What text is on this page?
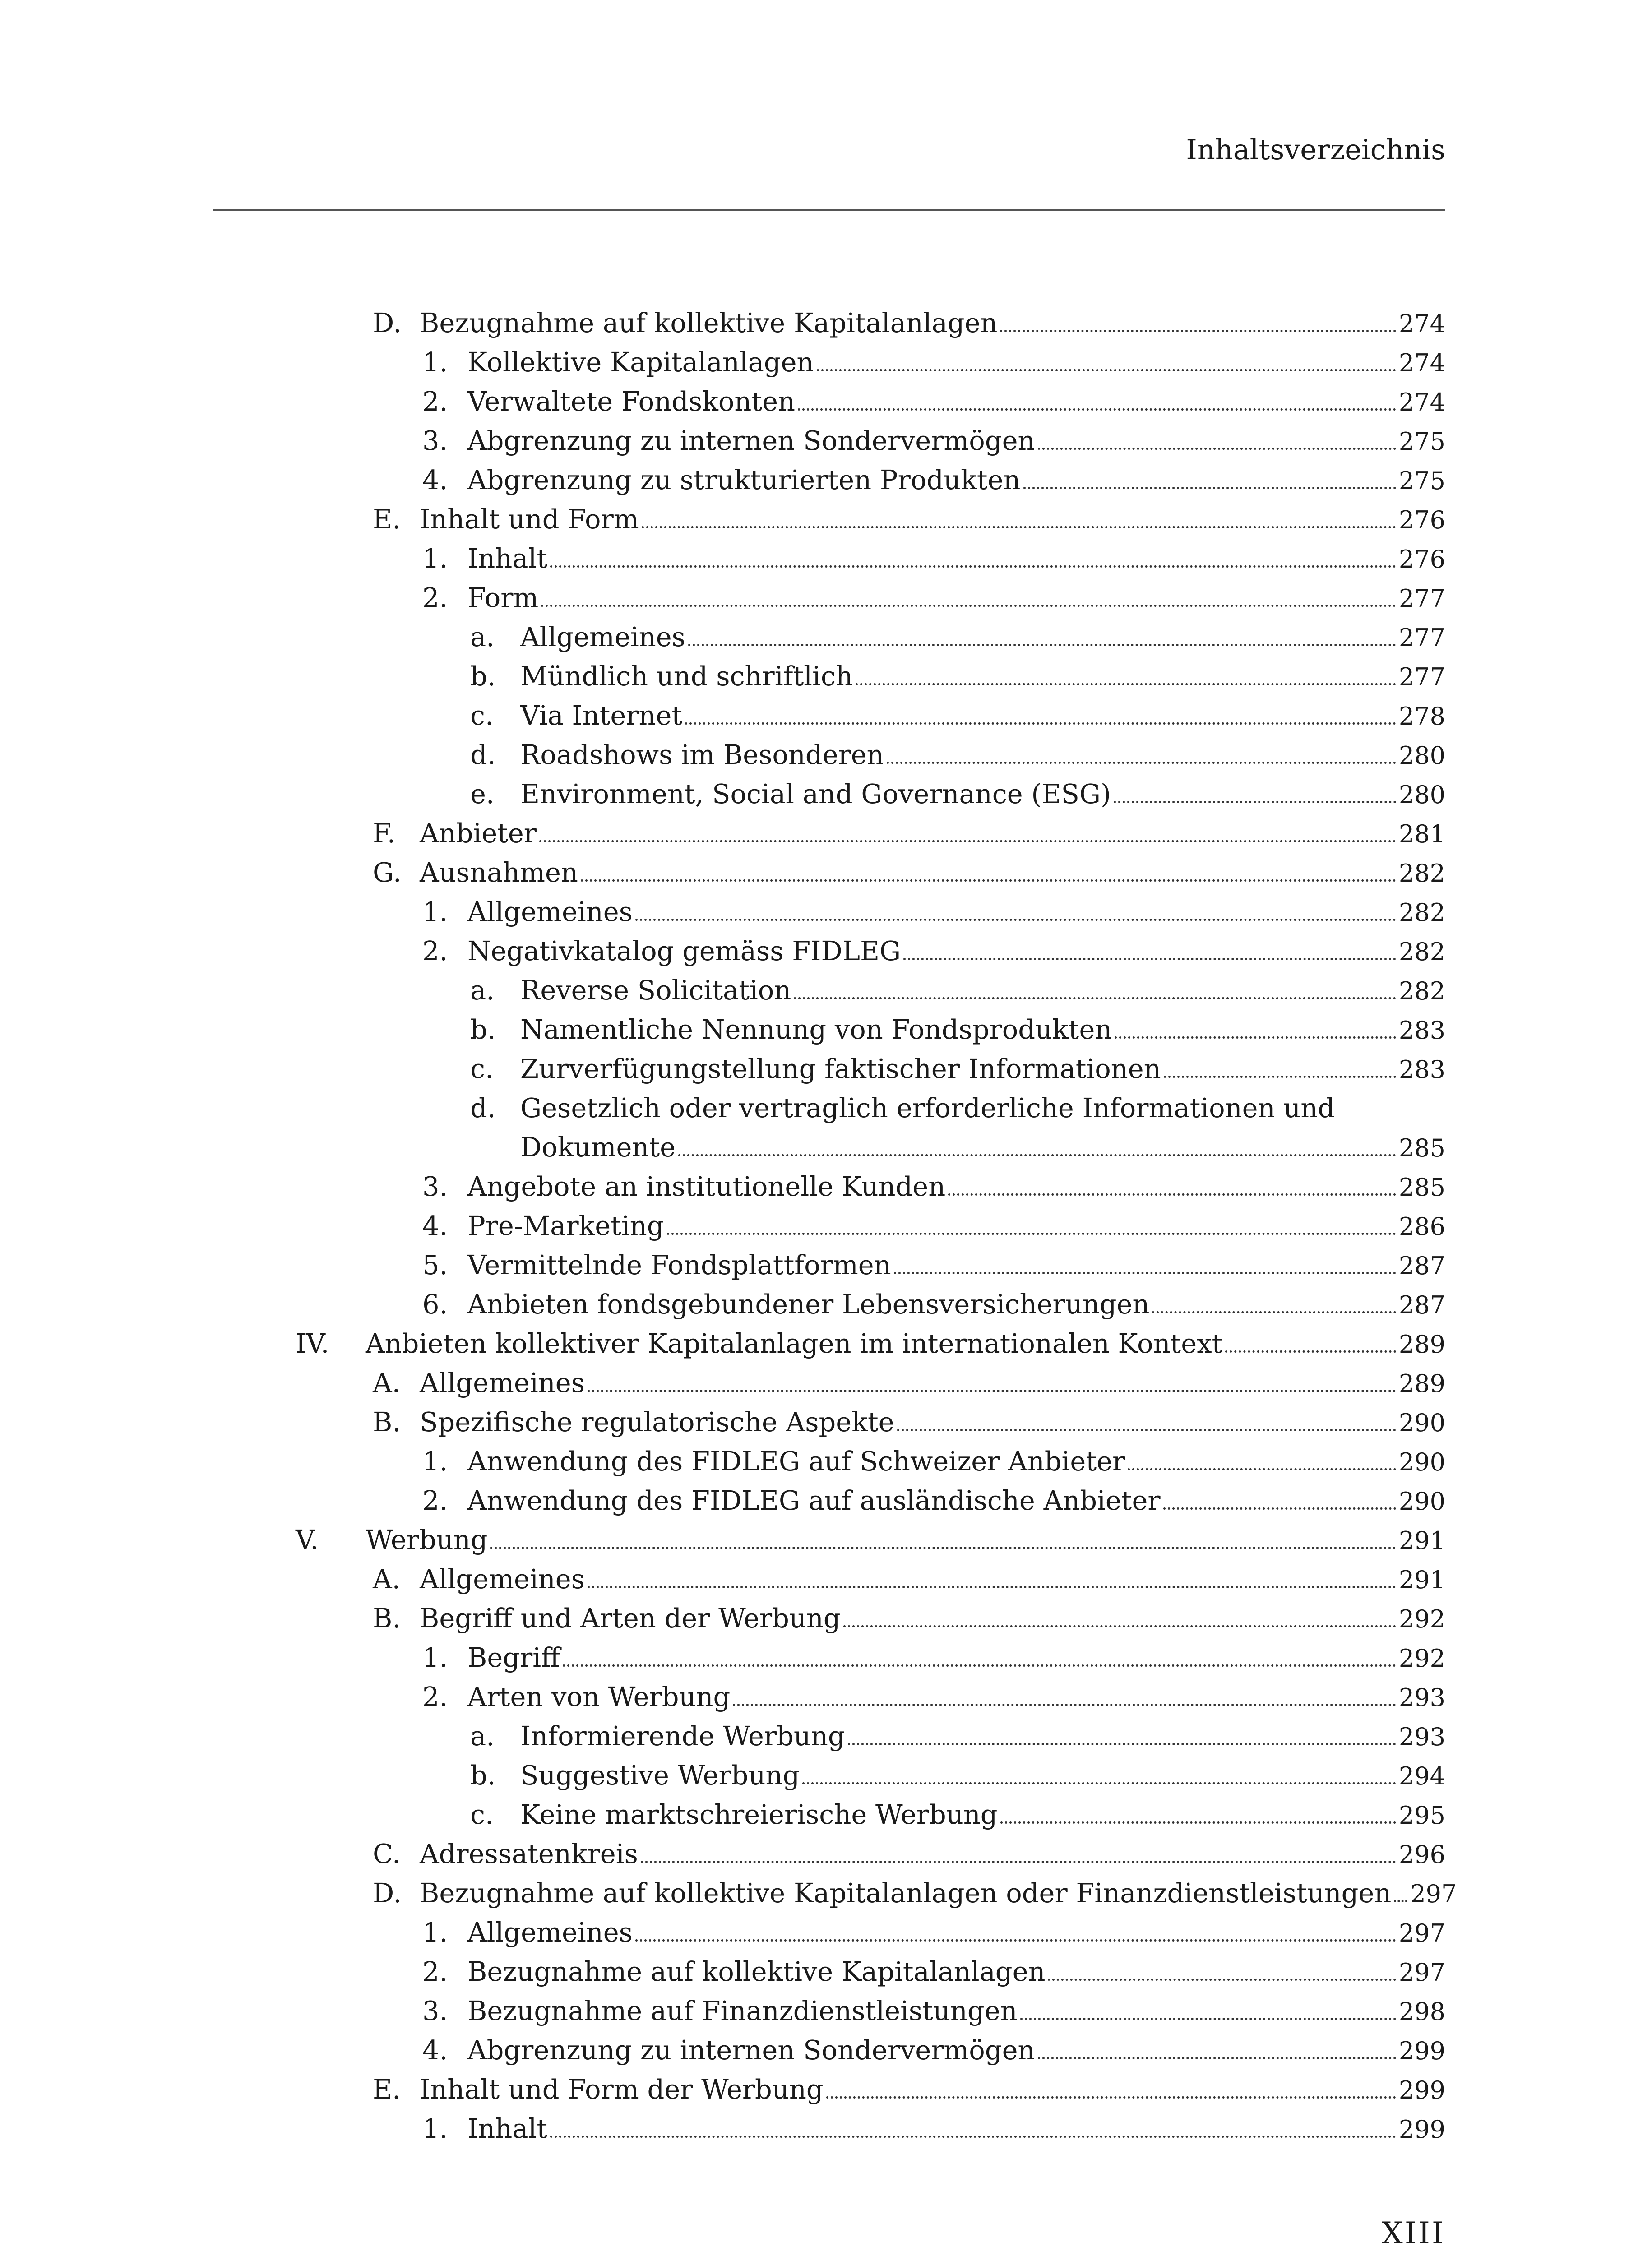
Inhaltsverzeichnis
D. Bezugnahme auf kollektive Kapitalanlagen	274
1. Kollektive Kapitalanlagen	274
2. Verwaltete Fondskonten	274
3. Abgrenzung zu internen Sondervermögen	275
4. Abgrenzung zu strukturierten Produkten	275
E. Inhalt und Form	276
1. Inhalt	276
2. Form	277
a. Allgemeines	277
b. Mündlich und schriftlich	277
c. Via Internet	278
d. Roadshows im Besonderen	280
e. Environment, Social and Governance (ESG)	280
F. Anbieter	281
G. Ausnahmen	282
1. Allgemeines	282
2. Negativkatalog gemäss FIDLEG	282
a. Reverse Solicitation	282
b. Namentliche Nennung von Fondsprodukten	283
c. Zurverfügungstellung faktischer Informationen	283
d. Gesetzlich oder vertraglich erforderliche Informationen und
Dokumente	285
3. Angebote an institutionelle Kunden	285
4. Pre-Marketing	286
5. Vermittelnde Fondsplattformen	287
6. Anbieten fondsgebundener Lebensversicherungen	287
IV. Anbieten kollektiver Kapitalanlagen im internationalen Kontext	289
A. Allgemeines	289
B. Spezifische regulatorische Aspekte	290
1. Anwendung des FIDLEG auf Schweizer Anbieter	290
2. Anwendung des FIDLEG auf ausländische Anbieter	290
V. Werbung	291
A. Allgemeines	291
B. Begriff und Arten der Werbung	292
1. Begriff	292
2. Arten von Werbung	293
a. Informierende Werbung	293
b. Suggestive Werbung	294
c. Keine marktschreierische Werbung	295
C. Adressatenkreis	296
D. Bezugnahme auf kollektive Kapitalanlagen oder Finanzdienstleistungen 297
1. Allgemeines	297
2. Bezugnahme auf kollektive Kapitalanlagen	297
3. Bezugnahme auf Finanzdienstleistungen	298
4. Abgrenzung zu internen Sondervermögen	299
E. Inhalt und Form der Werbung	299
1. Inhalt	299
XIII
